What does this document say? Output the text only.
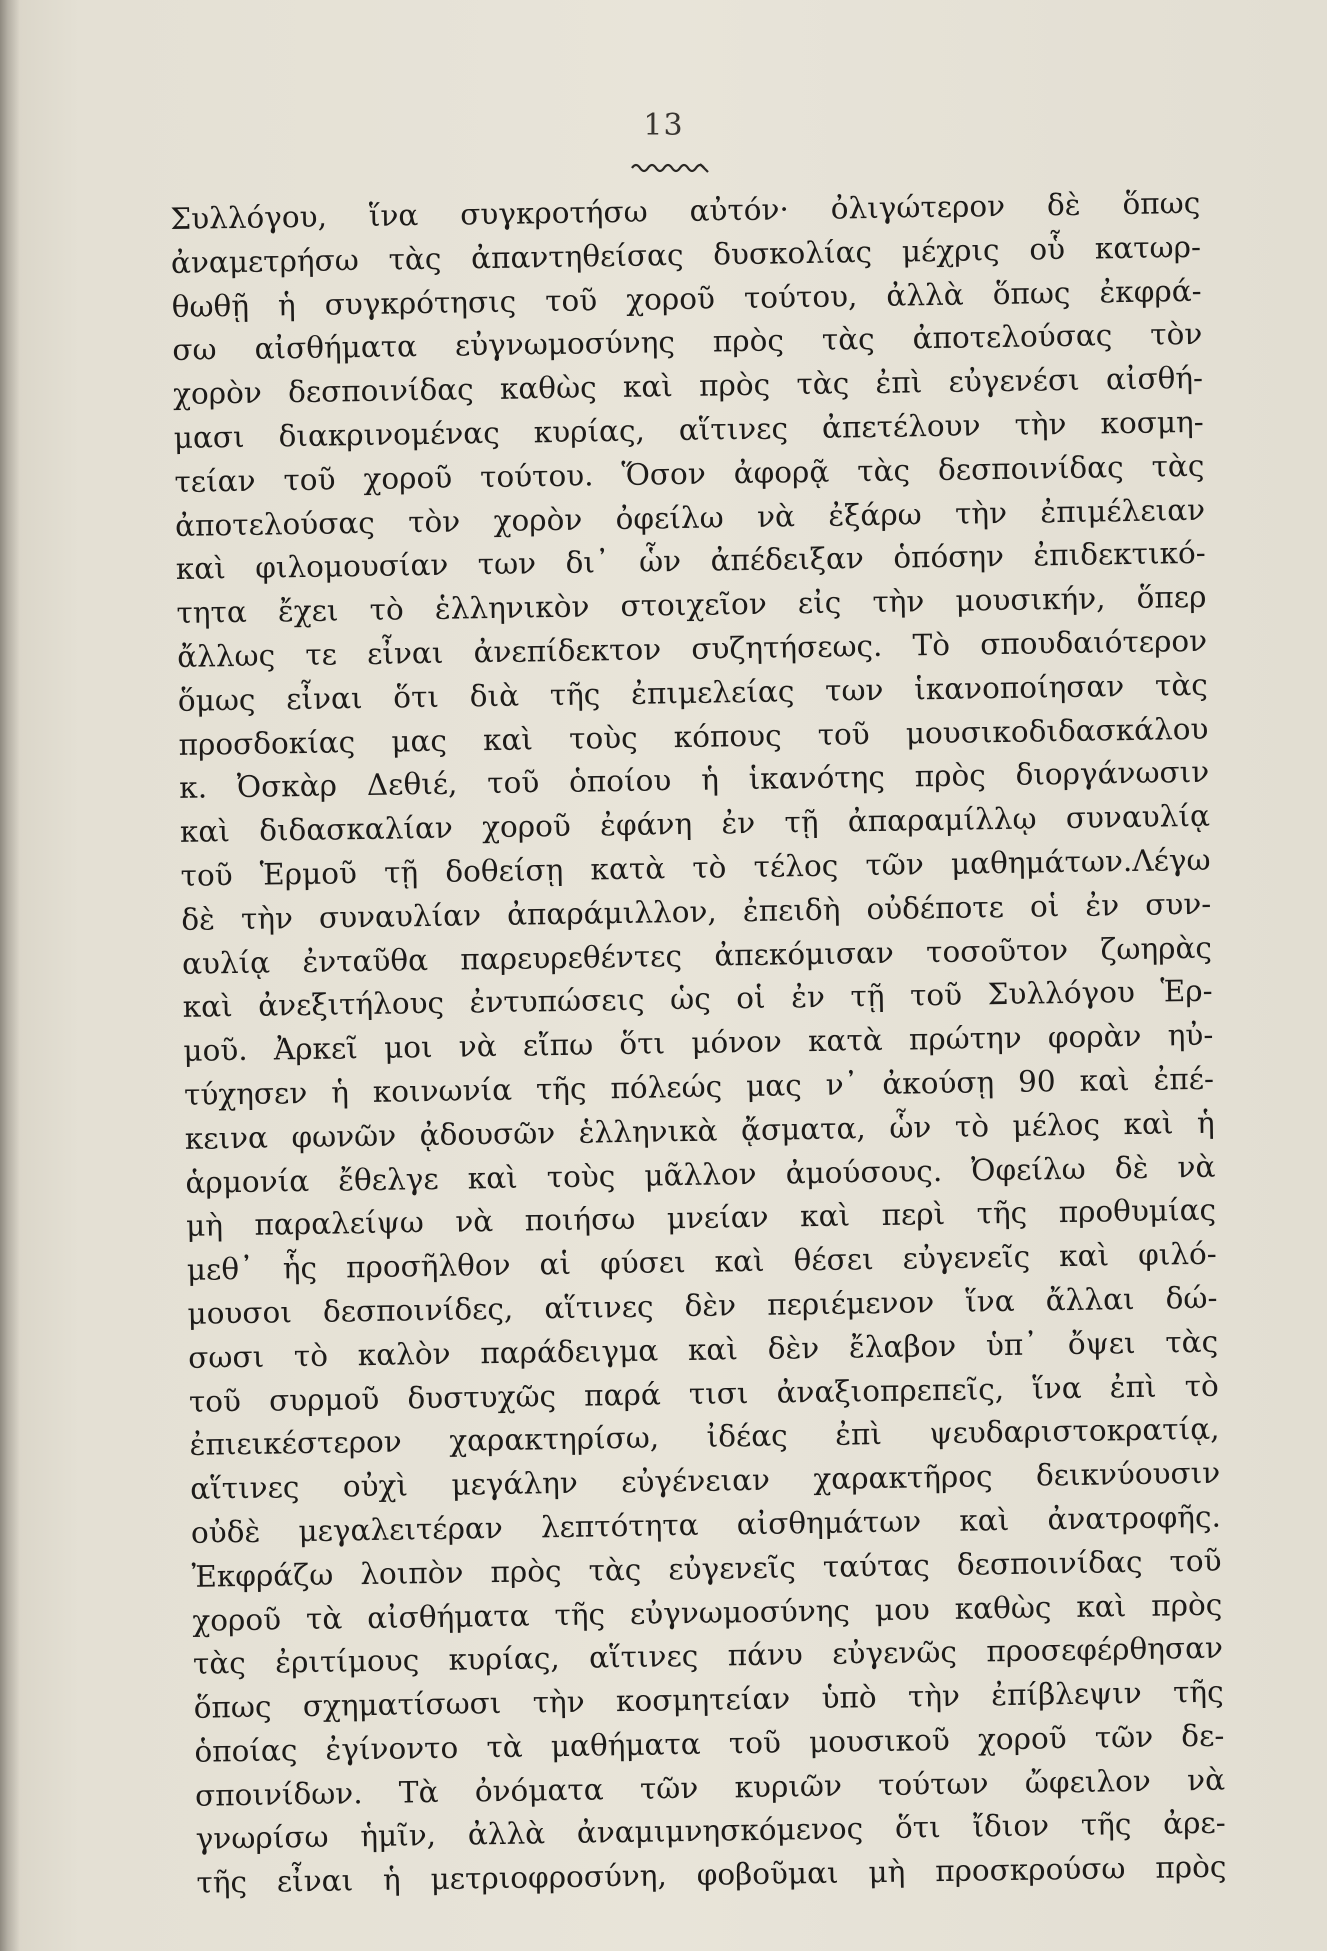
13
Συλλόγου, ἵνα συγκροτήσω αὐτόν· ὀλιγώτερον δὲ ὅπως
ἀναμετρήσω τὰς ἀπαντηθείσας δυσκολίας μέχρις οὗ κατωρ-
θωθῇ ἡ συγκρότησις τοῦ χοροῦ τούτου, ἀλλὰ ὅπως ἐκφρά-
σω αἰσθήματα εὐγνωμοσύνης πρὸς τὰς ἀποτελούσας τὸν
χορὸν δεσποινίδας καθὼς καὶ πρὸς τὰς ἐπὶ εὐγενέσι αἰσθή-
μασι διακρινομένας κυρίας, αἵτινες ἀπετέλουν τὴν κοσμη-
τείαν τοῦ χοροῦ τούτου. Ὅσον ἀφορᾷ τὰς δεσποινίδας τὰς
ἀποτελούσας τὸν χορὸν ὀφείλω νὰ ἐξάρω τὴν ἐπιμέλειαν
καὶ φιλομουσίαν των δι᾽ ὧν ἀπέδειξαν ὁπόσην ἐπιδεκτικό-
τητα ἔχει τὸ ἑλληνικὸν στοιχεῖον εἰς τὴν μουσικήν, ὅπερ
ἄλλως τε εἶναι ἀνεπίδεκτον συζητήσεως. Τὸ σπουδαιότερον
ὅμως εἶναι ὅτι διὰ τῆς ἐπιμελείας των ἱκανοποίησαν τὰς
προσδοκίας μας καὶ τοὺς κόπους τοῦ μουσικοδιδασκάλου
κ. Ὀσκὰρ Δεθιέ, τοῦ ὁποίου ἡ ἱκανότης πρὸς διοργάνωσιν
καὶ διδασκαλίαν χοροῦ ἐφάνη ἐν τῇ ἀπαραμίλλῳ συναυλίᾳ
τοῦ Ἑρμοῦ τῇ δοθείσῃ κατὰ τὸ τέλος τῶν μαθημάτων.Λέγω
δὲ τὴν συναυλίαν ἀπαράμιλλον, ἐπειδὴ οὐδέποτε οἱ ἐν συν-
αυλίᾳ ἐνταῦθα παρευρεθέντες ἀπεκόμισαν τοσοῦτον ζωηρὰς
καὶ ἀνεξιτήλους ἐντυπώσεις ὡς οἱ ἐν τῇ τοῦ Συλλόγου Ἑρ-
μοῦ. Ἀρκεῖ μοι νὰ εἴπω ὅτι μόνον κατὰ πρώτην φορὰν ηὐ-
τύχησεν ἡ κοινωνία τῆς πόλεώς μας ν᾽ ἀκούσῃ 90 καὶ ἐπέ-
κεινα φωνῶν ᾀδουσῶν ἑλληνικὰ ᾄσματα, ὧν τὸ μέλος καὶ ἡ
ἁρμονία ἔθελγε καὶ τοὺς μᾶλλον ἀμούσους. Ὀφείλω δὲ νὰ
μὴ παραλείψω νὰ ποιήσω μνείαν καὶ περὶ τῆς προθυμίας
μεθ᾽ ἧς προσῆλθον αἱ φύσει καὶ θέσει εὐγενεῖς καὶ φιλό-
μουσοι δεσποινίδες, αἵτινες δὲν περιέμενον ἵνα ἄλλαι δώ-
σωσι τὸ καλὸν παράδειγμα καὶ δὲν ἔλαβον ὑπ᾽ ὄψει τὰς
τοῦ συρμοῦ δυστυχῶς παρά τισι ἀναξιοπρεπεῖς, ἵνα ἐπὶ τὸ
ἐπιεικέστερον χαρακτηρίσω, ἰδέας ἐπὶ ψευδαριστοκρατίᾳ,
αἵτινες οὐχὶ μεγάλην εὐγένειαν χαρακτῆρος δεικνύουσιν
οὐδὲ μεγαλειτέραν λεπτότητα αἰσθημάτων καὶ ἀνατροφῆς.
Ἐκφράζω λοιπὸν πρὸς τὰς εὐγενεῖς ταύτας δεσποινίδας τοῦ
χοροῦ τὰ αἰσθήματα τῆς εὐγνωμοσύνης μου καθὼς καὶ πρὸς
τὰς ἐριτίμους κυρίας, αἵτινες πάνυ εὐγενῶς προσεφέρθησαν
ὅπως σχηματίσωσι τὴν κοσμητείαν ὑπὸ τὴν ἐπίβλεψιν τῆς
ὁποίας ἐγίνοντο τὰ μαθήματα τοῦ μουσικοῦ χοροῦ τῶν δε-
σποινίδων. Τὰ ὀνόματα τῶν κυριῶν τούτων ὤφειλον νὰ
γνωρίσω ἡμῖν, ἀλλὰ ἀναμιμνησκόμενος ὅτι ἴδιον τῆς ἀρε-
τῆς εἶναι ἡ μετριοφροσύνη, φοβοῦμαι μὴ προσκρούσω πρὸς
